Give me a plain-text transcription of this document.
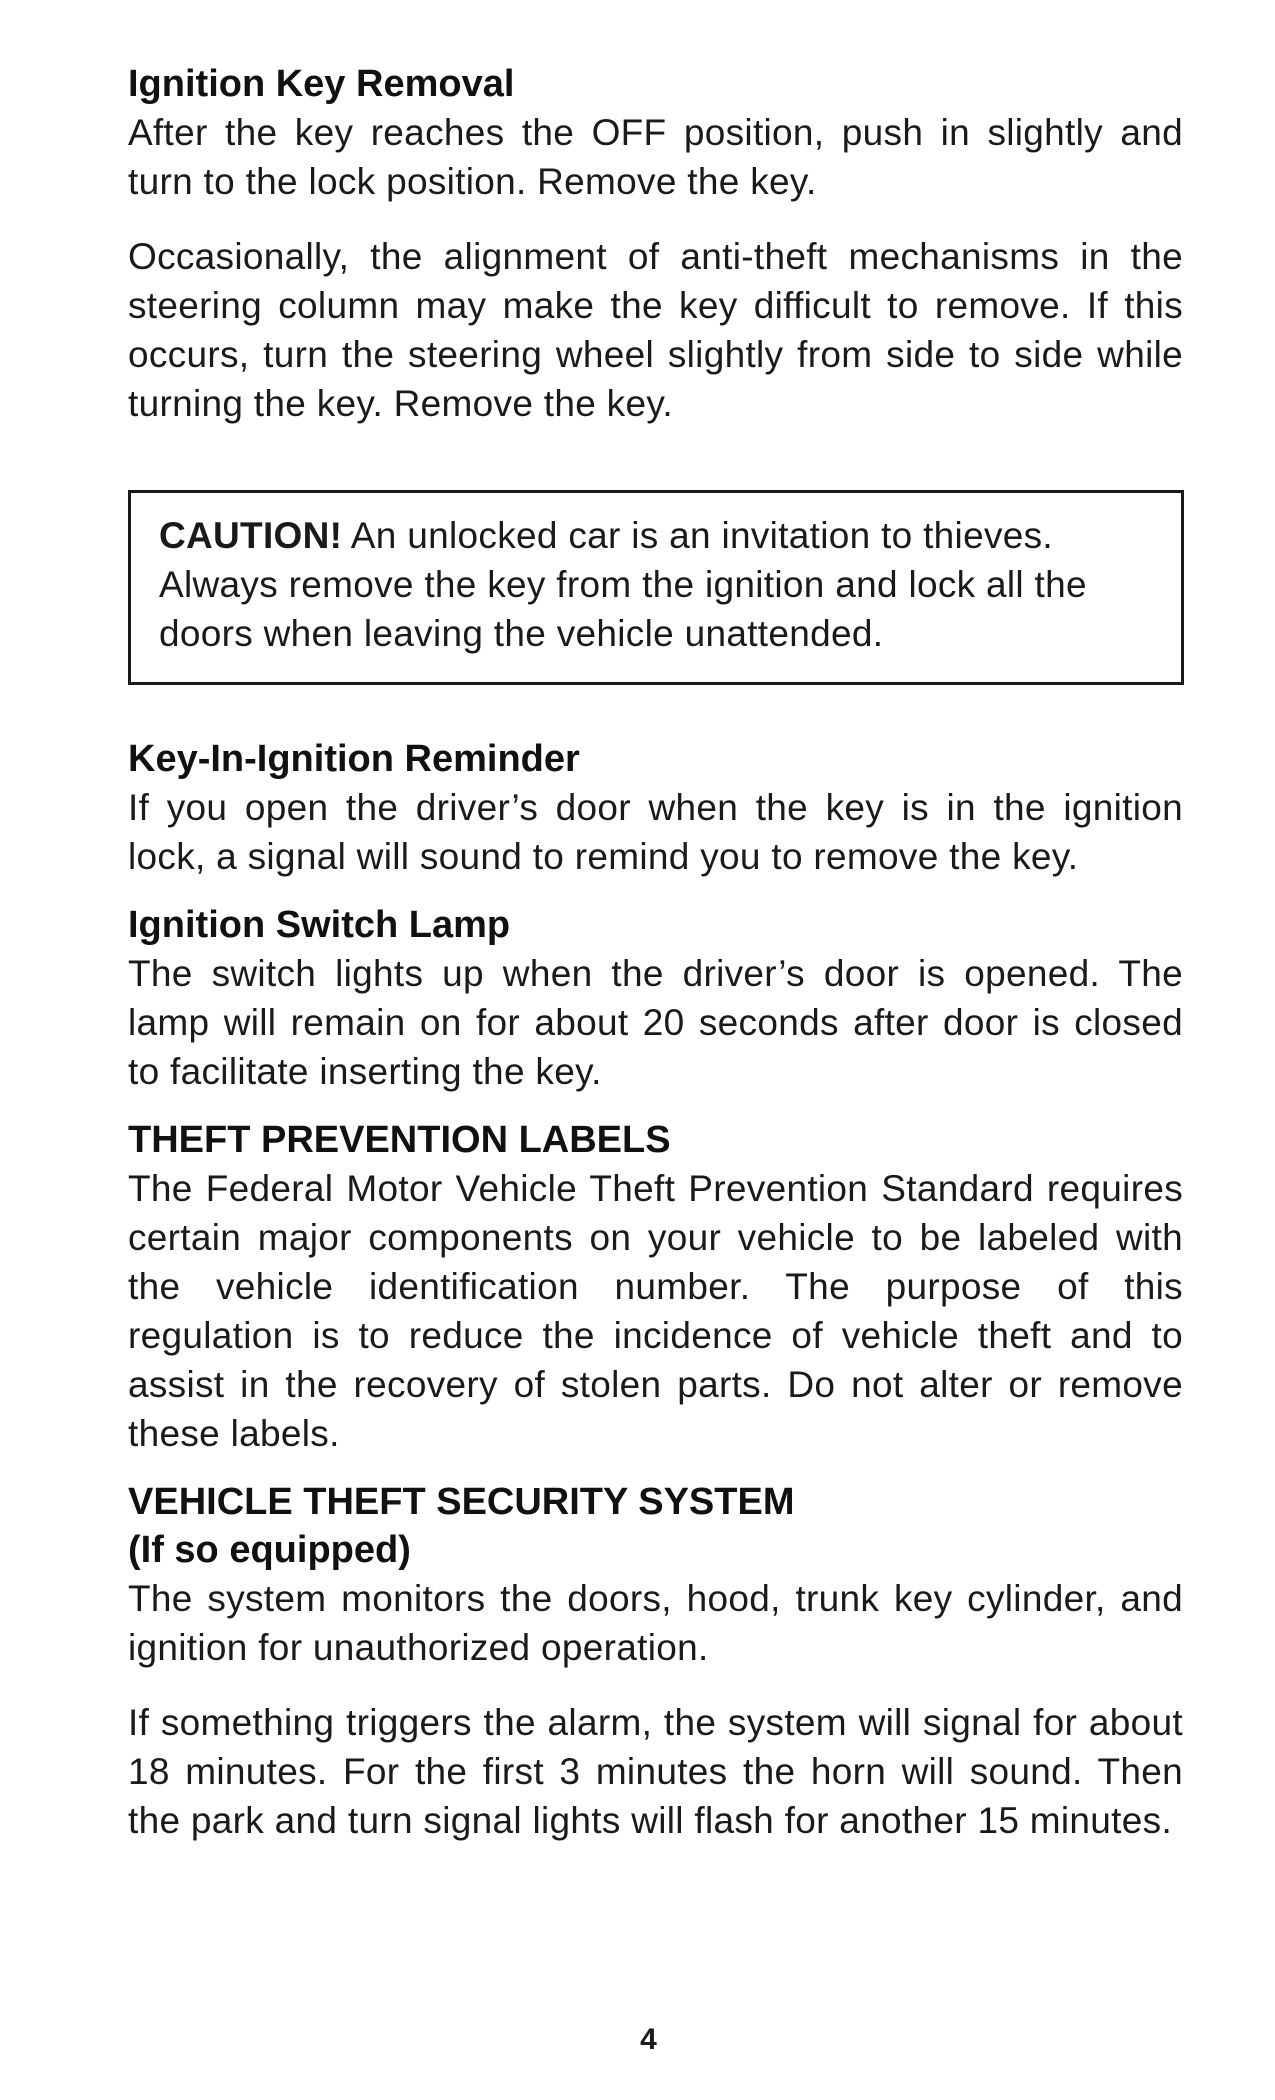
Ignition Key Removal

After the key reaches the OFF position, push in slightly and turn to the lock position. Remove the key.

Occasionally, the alignment of anti-theft mechanisms in the steering column may make the key difficult to remove. If this occurs, turn the steering wheel slightly from side to side while turning the key. Remove the key.

CAUTION! An unlocked car is an invitation to thieves. Always remove the key from the ignition and lock all the doors when leaving the vehicle unattended.

Key-In-Ignition Reminder

If you open the driver’s door when the key is in the ignition lock, a signal will sound to remind you to remove the key.

Ignition Switch Lamp

The switch lights up when the driver’s door is opened. The lamp will remain on for about 20 seconds after door is closed to facilitate inserting the key.

THEFT PREVENTION LABELS

The Federal Motor Vehicle Theft Prevention Standard requires certain major components on your vehicle to be labeled with the vehicle identification number. The purpose of this regulation is to reduce the incidence of vehicle theft and to assist in the recovery of stolen parts. Do not alter or remove these labels.

VEHICLE THEFT SECURITY SYSTEM
(If so equipped)

The system monitors the doors, hood, trunk key cylinder, and ignition for unauthorized operation.

If something triggers the alarm, the system will signal for about 18 minutes. For the first 3 minutes the horn will sound. Then the park and turn signal lights will flash for another 15 minutes.

4
